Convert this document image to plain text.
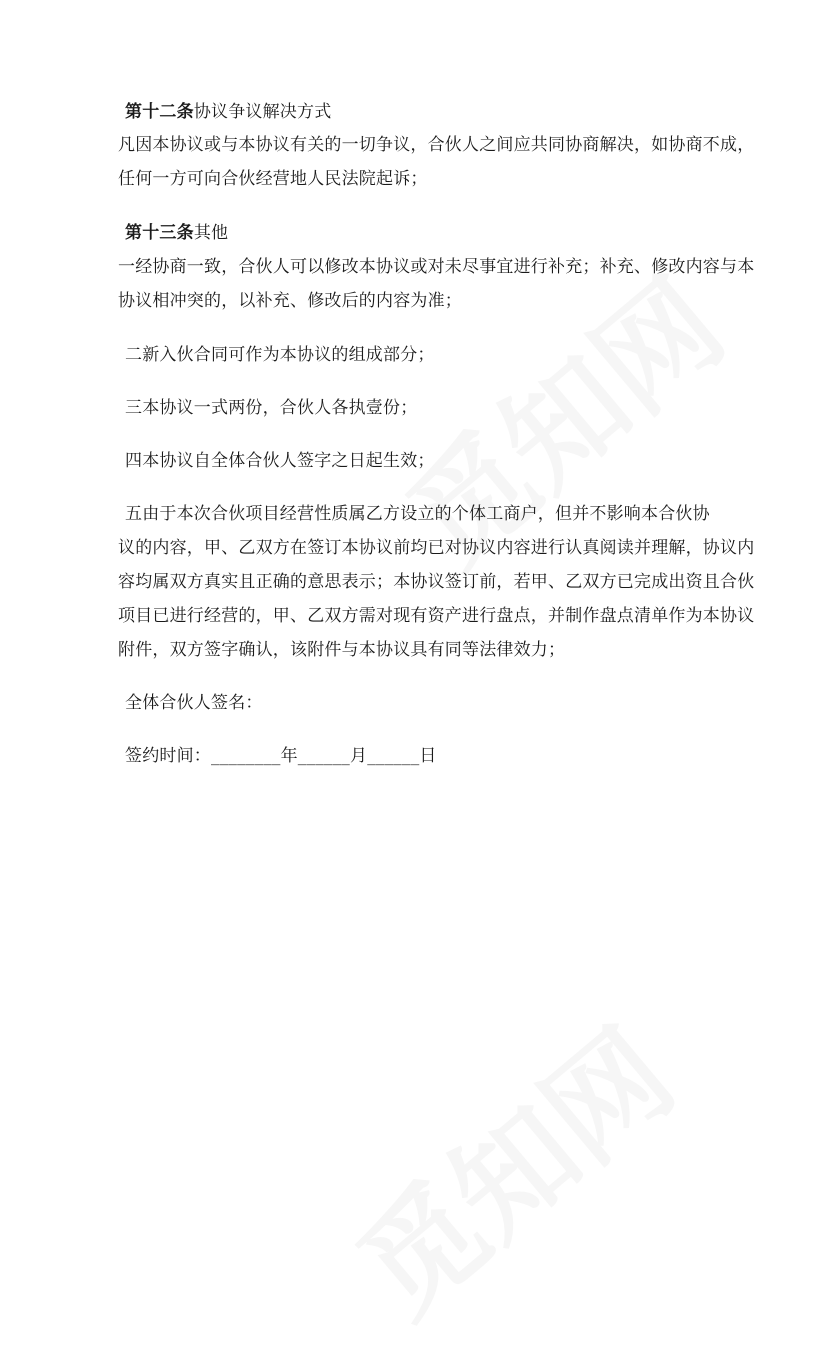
第十二条协议争议解决方式
凡因本协议或与本协议有关的一切争议，合伙人之间应共同协商解决，如协商不成，
任何一方可向合伙经营地人民法院起诉；
第十三条其他
一经协商一致，合伙人可以修改本协议或对未尽事宜进行补充；补充、修改内容与本
协议相冲突的，以补充、修改后的内容为准；
二新入伙合同可作为本协议的组成部分；
三本协议一式两份，合伙人各执壹份；
四本协议自全体合伙人签字之日起生效；
五由于本次合伙项目经营性质属乙方设立的个体工商户，但并不影响本合伙协
议的内容，甲、乙双方在签订本协议前均已对协议内容进行认真阅读并理解，协议内
容均属双方真实且正确的意思表示；本协议签订前，若甲、乙双方已完成出资且合伙
项目已进行经营的，甲、乙双方需对现有资产进行盘点，并制作盘点清单作为本协议
附件，双方签字确认，该附件与本协议具有同等法律效力；
全体合伙人签名：
签约时间：________年______月______日
